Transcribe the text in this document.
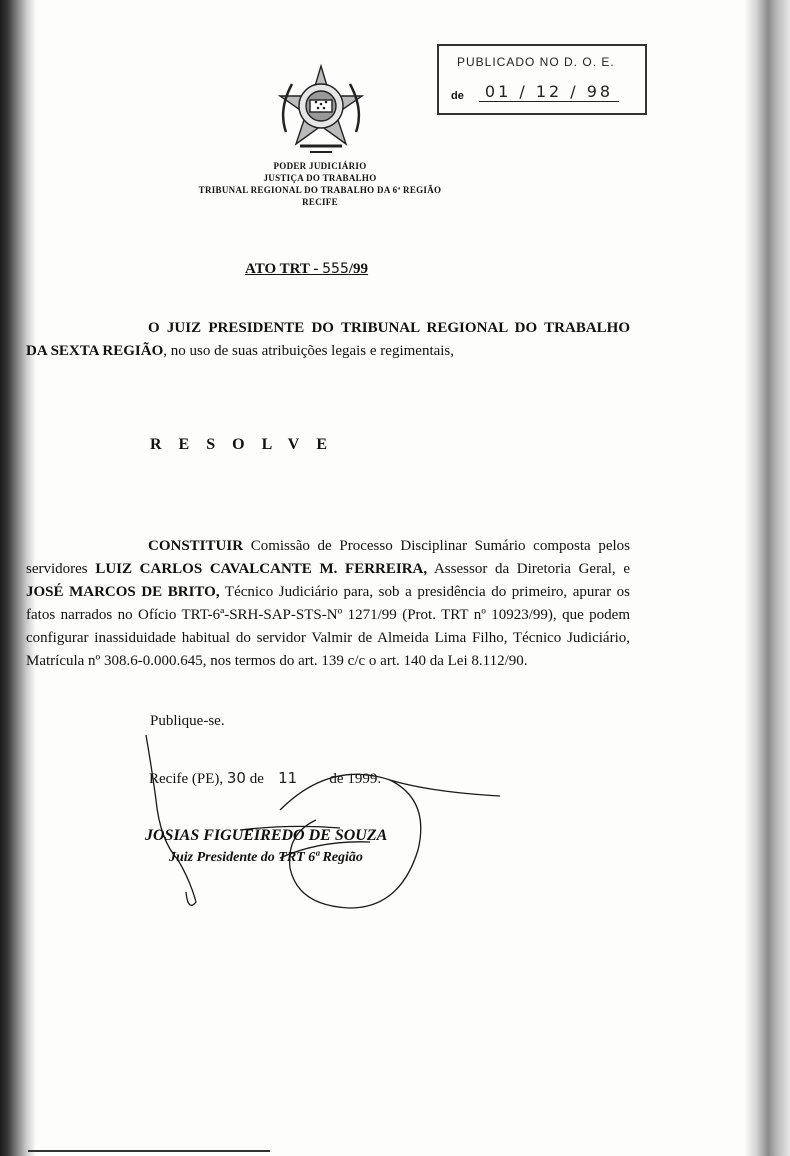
PUBLICADO NO D. O. E.
de	01 / 12 / 98
PODER JUDICIÁRIO
JUSTIÇA DO TRABALHO
TRIBUNAL REGIONAL DO TRABALHO DA 6ª REGIÃO
RECIFE
ATO TRT - 555/99
O JUIZ PRESIDENTE DO TRIBUNAL REGIONAL DO TRABALHO DA SEXTA REGIÃO, no uso de suas atribuições legais e regimentais,
RESOLVE
CONSTITUIR Comissão de Processo Disciplinar Sumário composta pelos servidores LUIZ CARLOS CAVALCANTE M. FERREIRA, Assessor da Diretoria Geral, e JOSÉ MARCOS DE BRITO, Técnico Judiciário para, sob a presidência do primeiro, apurar os fatos narrados no Ofício TRT-6ª-SRH-SAP-STS-Nº 1271/99 (Prot. TRT nº 10923/99), que podem configurar inassiduidade habitual do servidor Valmir de Almeida Lima Filho, Técnico Judiciário, Matrícula nº 308.6-0.000.645, nos termos do art. 139 c/c o art. 140 da Lei 8.112/90.
Publique-se.
Recife (PE), 30 de 11 de 1999.
JOSIAS FIGUEIREDO DE SOUZA
Juiz Presidente do TRT 6ª Região
